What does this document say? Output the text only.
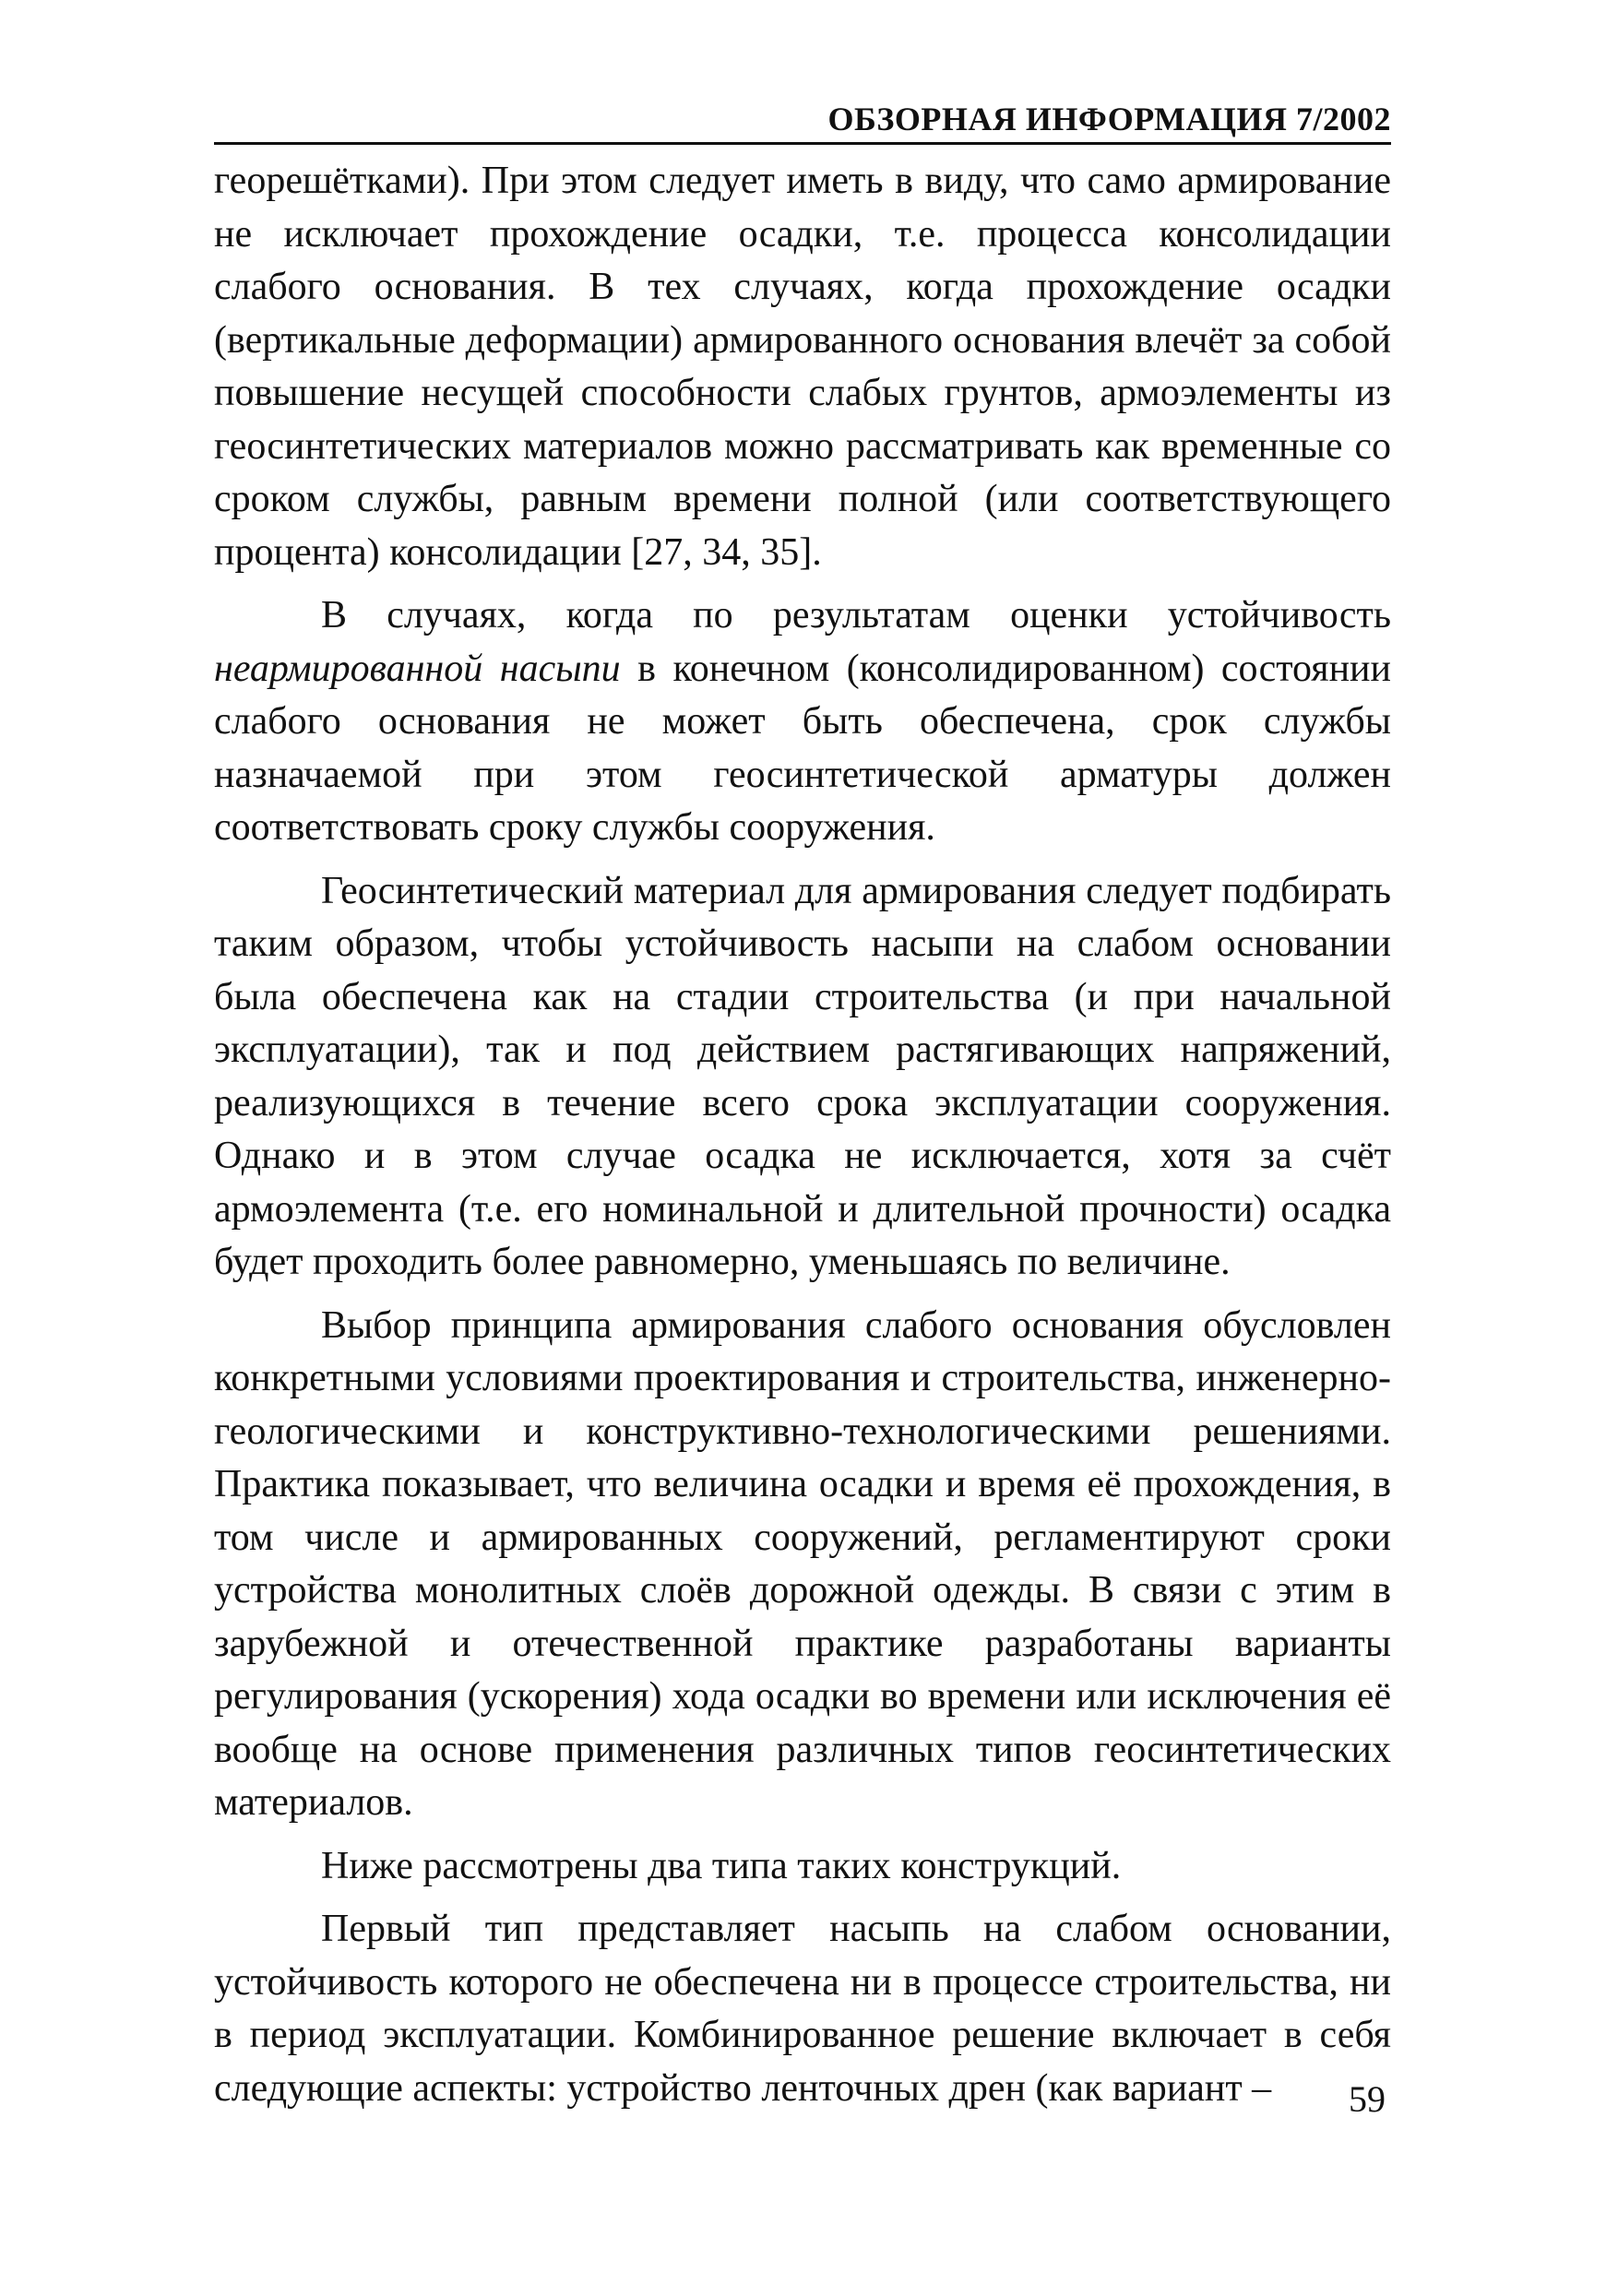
ОБЗОРНАЯ ИНФОРМАЦИЯ 7/2002

георешётками). При этом следует иметь в виду, что само армирование не исключает прохождение осадки, т.е. процесса консолидации слабого основания. В тех случаях, когда прохождение осадки (вертикальные деформации) армированного основания влечёт за собой повышение несущей способности слабых грунтов, армоэлементы из геосинтетических материалов можно рассматривать как временные со сроком службы, равным времени полной (или соответствующего процента) консолидации [27, 34, 35].

В случаях, когда по результатам оценки устойчивость неармированной насыпи в конечном (консолидированном) состоянии слабого основания не может быть обеспечена, срок службы назначаемой при этом геосинтетической арматуры должен соответствовать сроку службы сооружения.

Геосинтетический материал для армирования следует подбирать таким образом, чтобы устойчивость насыпи на слабом основании была обеспечена как на стадии строительства (и при начальной эксплуатации), так и под действием растягивающих напряжений, реализующихся в течение всего срока эксплуатации сооружения. Однако и в этом случае осадка не исключается, хотя за счёт армоэлемента (т.е. его номинальной и длительной прочности) осадка будет проходить более равномерно, уменьшаясь по величине.

Выбор принципа армирования слабого основания обусловлен конкретными условиями проектирования и строительства, инженерно-геологическими и конструктивно-технологическими решениями. Практика показывает, что величина осадки и время её прохождения, в том числе и армированных сооружений, регламентируют сроки устройства монолитных слоёв дорожной одежды. В связи с этим в зарубежной и отечественной практике разработаны варианты регулирования (ускорения) хода осадки во времени или исключения её вообще на основе применения различных типов геосинтетических материалов.

Ниже рассмотрены два типа таких конструкций.

Первый тип представляет насыпь на слабом основании, устойчивость которого не обеспечена ни в процессе строительства, ни в период эксплуатации. Комбинированное решение включает в себя следующие аспекты: устройство ленточных дрен (как вариант –	59
